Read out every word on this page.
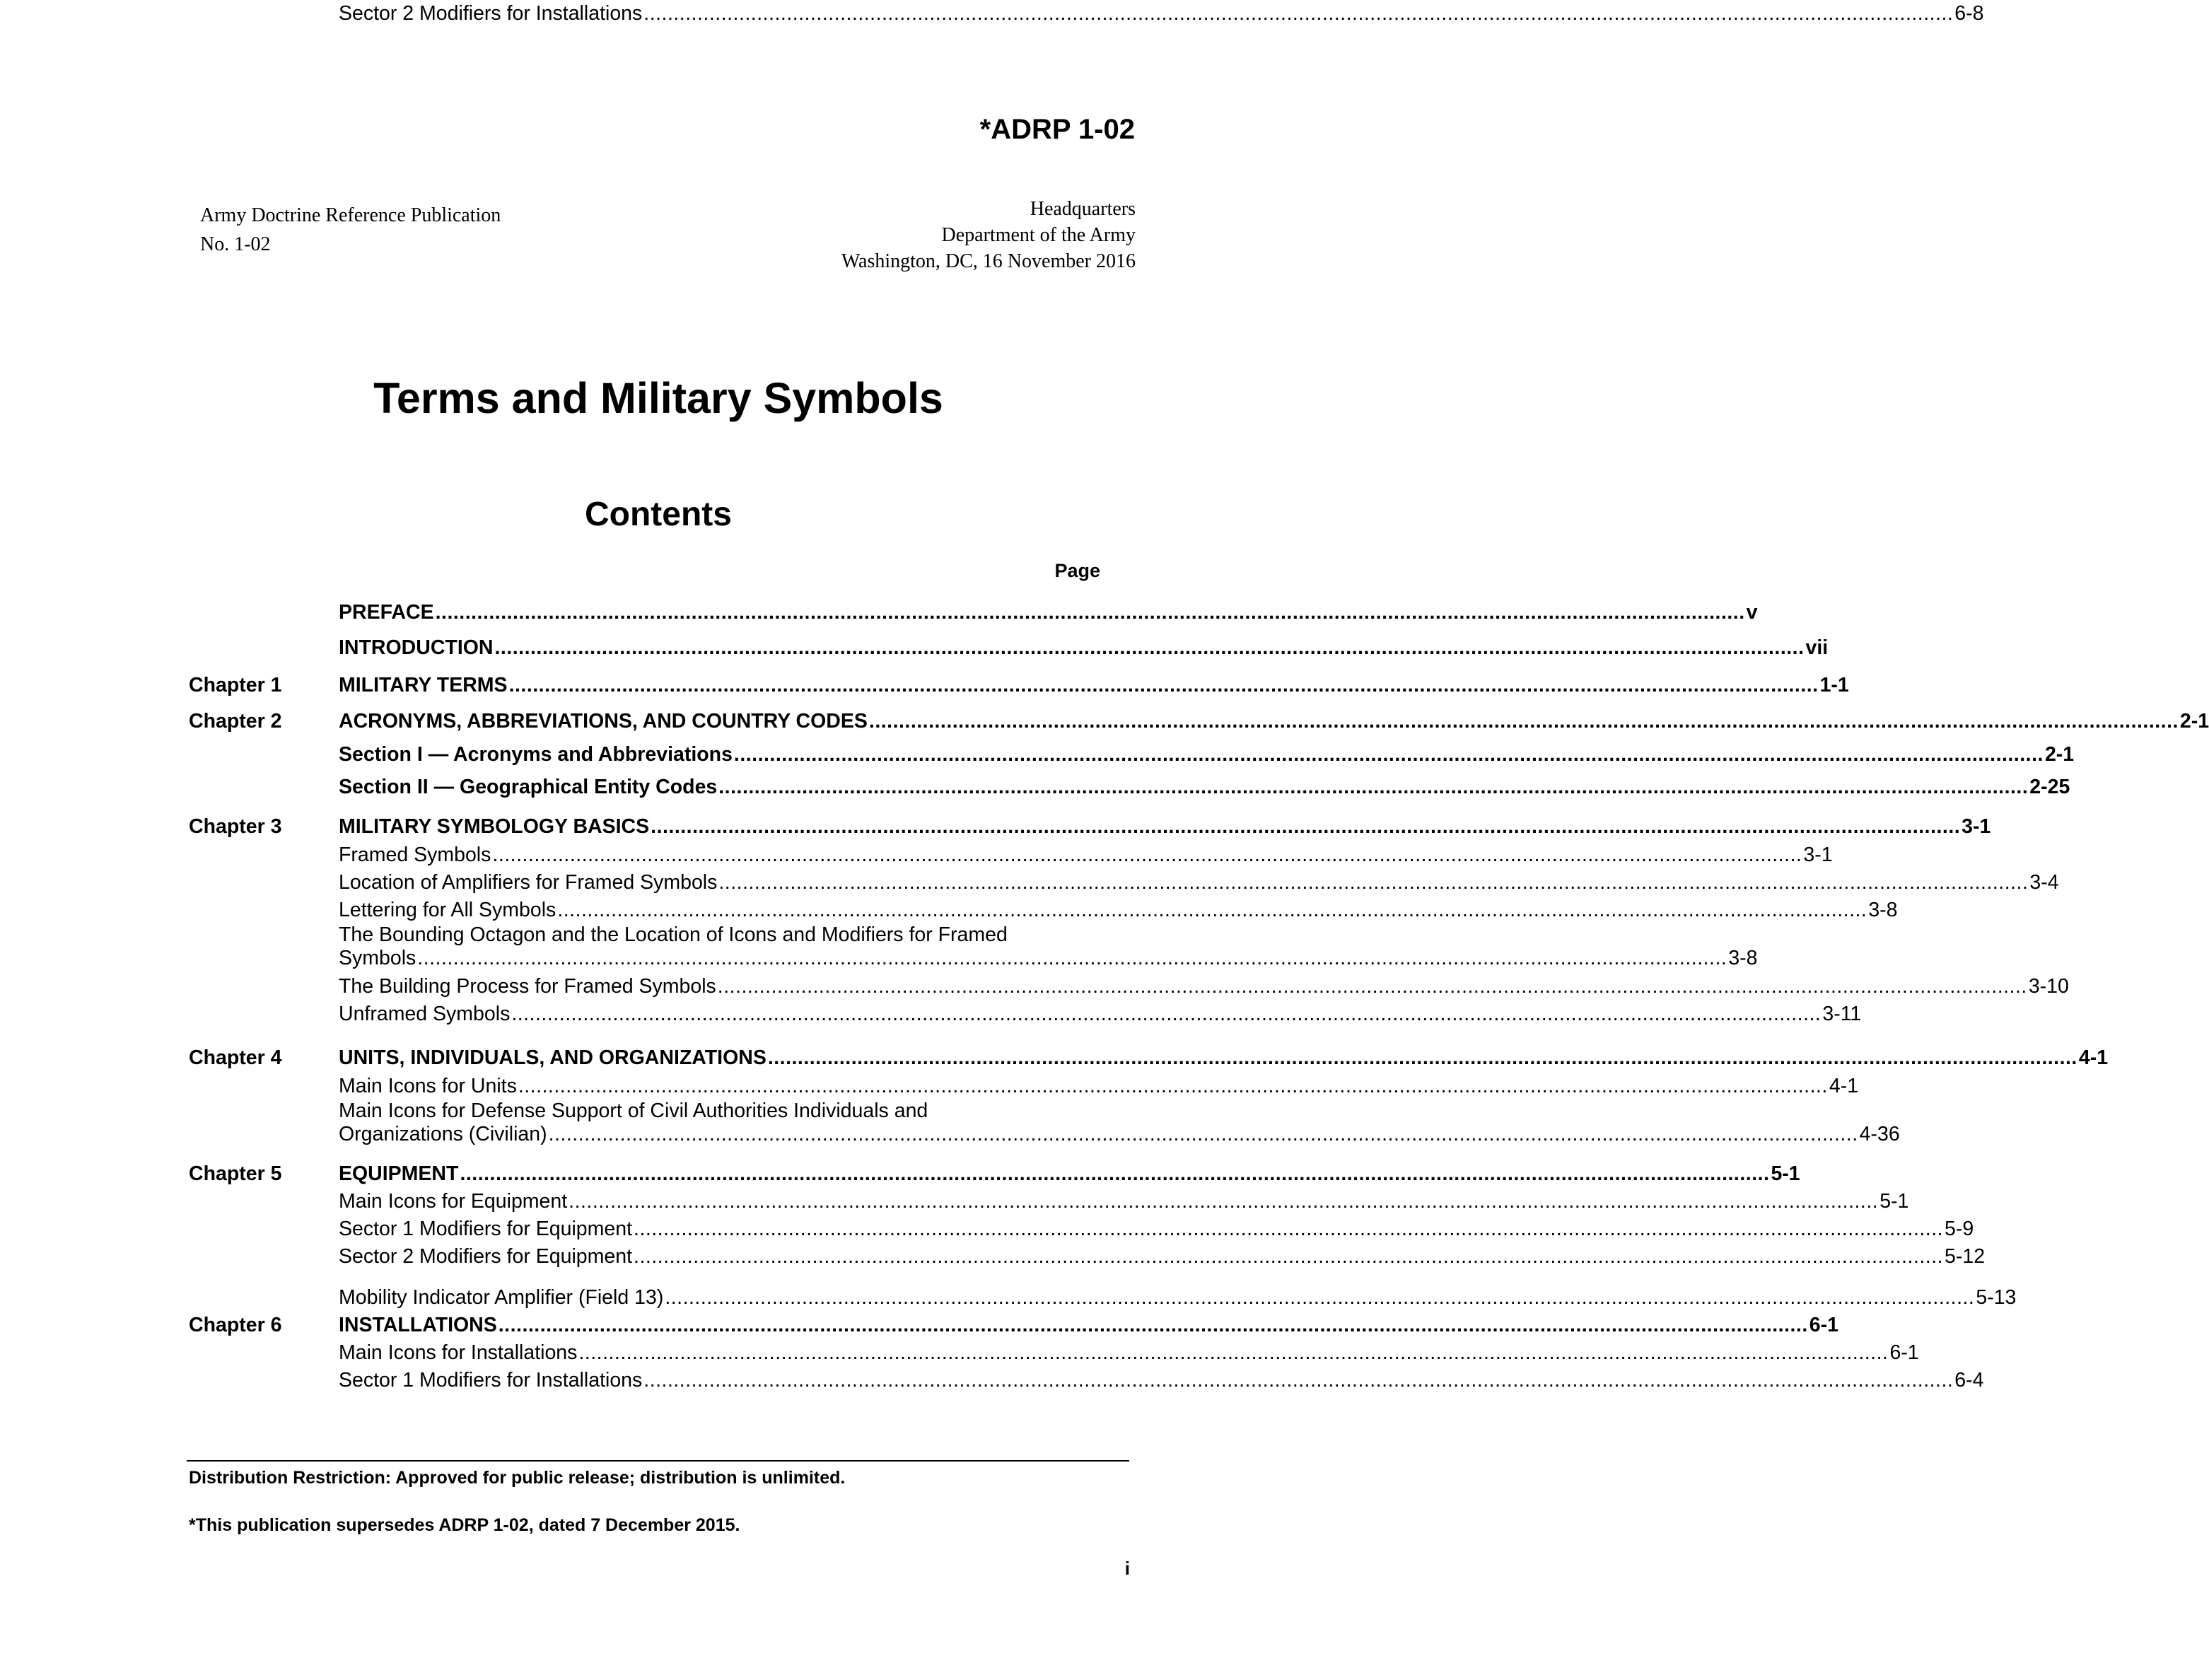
*ADRP 1-02
Army Doctrine Reference Publication
No. 1-02
Headquarters
Department of the Army
Washington, DC, 16 November 2016
Terms and Military Symbols
Contents
Page
PREFACE ............................................................................................................................................................................................................................ v
INTRODUCTION ............................................................................................................................................................................................................................ vii
Chapter 1	MILITARY TERMS ............................................................................................................................................................................................................................ 1-1
Chapter 2	ACRONYMS, ABBREVIATIONS, AND COUNTRY CODES ............................................................................................................................................................................................................................ 2-1
Section I — Acronyms and Abbreviations ............................................................................................................................................................................................................................ 2-1
Section II — Geographical Entity Codes ............................................................................................................................................................................................................................ 2-25
Chapter 3	MILITARY SYMBOLOGY BASICS ............................................................................................................................................................................................................................ 3-1
Framed Symbols ............................................................................................................................................................................................................................ 3-1
Location of Amplifiers for Framed Symbols ............................................................................................................................................................................................................................ 3-4
Lettering for All Symbols ............................................................................................................................................................................................................................ 3-8
The Bounding Octagon and the Location of Icons and Modifiers for Framed
Symbols ............................................................................................................................................................................................................................ 3-8
The Building Process for Framed Symbols ............................................................................................................................................................................................................................ 3-10
Unframed Symbols ............................................................................................................................................................................................................................ 3-11
Chapter 4	UNITS, INDIVIDUALS, AND ORGANIZATIONS ............................................................................................................................................................................................................................ 4-1
Main Icons for Units ............................................................................................................................................................................................................................ 4-1
Main Icons for Defense Support of Civil Authorities Individuals and
Organizations (Civilian) ............................................................................................................................................................................................................................ 4-36
Chapter 5	EQUIPMENT ............................................................................................................................................................................................................................ 5-1
Main Icons for Equipment ............................................................................................................................................................................................................................ 5-1
Sector 1 Modifiers for Equipment ............................................................................................................................................................................................................................ 5-9
Sector 2 Modifiers for Equipment ............................................................................................................................................................................................................................ 5-12
Mobility Indicator Amplifier (Field 13) ............................................................................................................................................................................................................................ 5-13
Chapter 6	INSTALLATIONS ............................................................................................................................................................................................................................ 6-1
Main Icons for Installations ............................................................................................................................................................................................................................ 6-1
Sector 1 Modifiers for Installations ............................................................................................................................................................................................................................ 6-4
Sector 2 Modifiers for Installations ............................................................................................................................................................................................................................ 6-8
Distribution Restriction: Approved for public release; distribution is unlimited.
*This publication supersedes ADRP 1-02, dated 7 December 2015.
i
